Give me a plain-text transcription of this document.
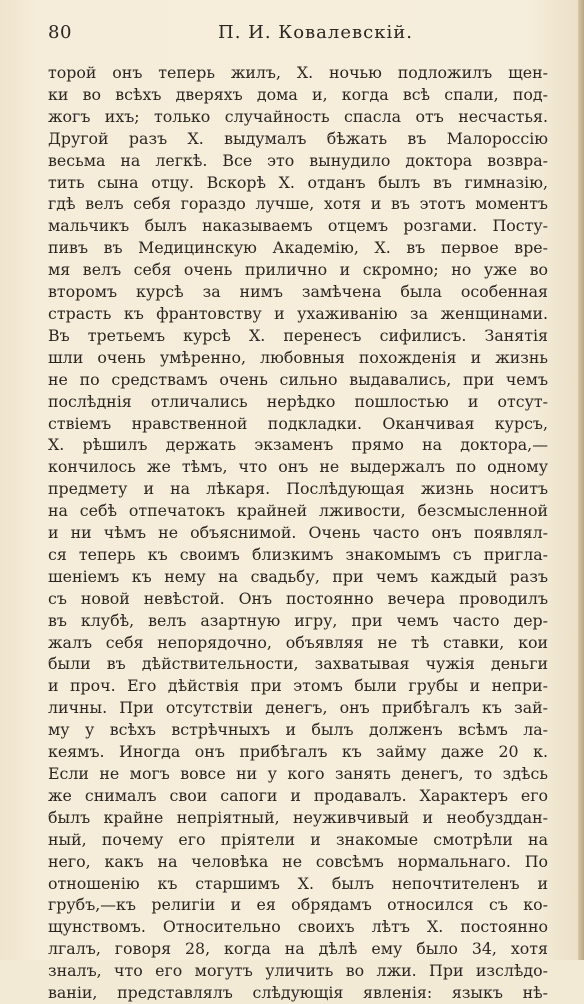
80	П. И. Ковалевскій.
торой онъ теперь жилъ, X. ночью подложилъ щен-
ки во всѣхъ дверяхъ дома и, когда всѣ спали, под-
жогъ ихъ; только случайность спасла отъ несчастья.
Другой разъ X. выдумалъ бѣжать въ Малороссію
весьма на легкѣ. Все это вынудило доктора возвра-
тить сына отцу. Вскорѣ X. отданъ былъ въ гимназію,
гдѣ велъ себя гораздо лучше, хотя и въ этотъ моментъ
мальчикъ былъ наказываемъ отцемъ розгами. Посту-
пивъ въ Медицинскую Академію, X. въ первое вре-
мя велъ себя очень прилично и скромно; но уже во
второмъ курсѣ за нимъ замѣчена была особенная
страсть къ франтовству и ухаживанію за женщинами.
Въ третьемъ курсѣ X. перенесъ сифилисъ. Занятія
шли очень умѣренно, любовныя похожденія и жизнь
не по средствамъ очень сильно выдавались, при чемъ
послѣднія отличались нерѣдко пошлостью и отсут-
ствіемъ нравственной подкладки. Оканчивая курсъ,
X. рѣшилъ держать экзаменъ прямо на доктора,—
кончилось же тѣмъ, что онъ не выдержалъ по одному
предмету и на лѣкаря. Послѣдующая жизнь носитъ
на себѣ отпечатокъ крайней лживости, безсмысленной
и ни чѣмъ не объяснимой. Очень часто онъ появлял-
ся теперь къ своимъ близкимъ знакомымъ съ пригла-
шеніемъ къ нему на свадьбу, при чемъ каждый разъ
съ новой невѣстой. Онъ постоянно вечера проводилъ
въ клубѣ, велъ азартную игру, при чемъ часто дер-
жалъ себя непорядочно, объявляя не тѣ ставки, кои
были въ дѣйствительности, захватывая чужія деньги
и проч. Его дѣйствія при этомъ были грубы и непри-
личны. При отсутствіи денегъ, онъ прибѣгалъ къ зай-
му у всѣхъ встрѣчныхъ и былъ долженъ всѣмъ ла-
кеямъ. Иногда онъ прибѣгалъ къ займу даже 20 к.
Если не могъ вовсе ни у кого занять денегъ, то здѣсь
же снималъ свои сапоги и продавалъ. Характеръ его
былъ крайне непріятный, неуживчивый и необузддан-
ный, почему его пріятели и знакомые смотрѣли на
него, какъ на человѣка не совсѣмъ нормальнаго. По
отношенію къ старшимъ X. былъ непочтителенъ и
грубъ,—къ религіи и ея обрядамъ относился съ ко-
щунствомъ. Относительно своихъ лѣтъ X. постоянно
лгалъ, говоря 28, когда на дѣлѣ ему было 34, хотя
зналъ, что его могутъ уличить во лжи. При изслѣдо-
ваніи, представлялъ слѣдующія явленія: языкъ нѣ-
